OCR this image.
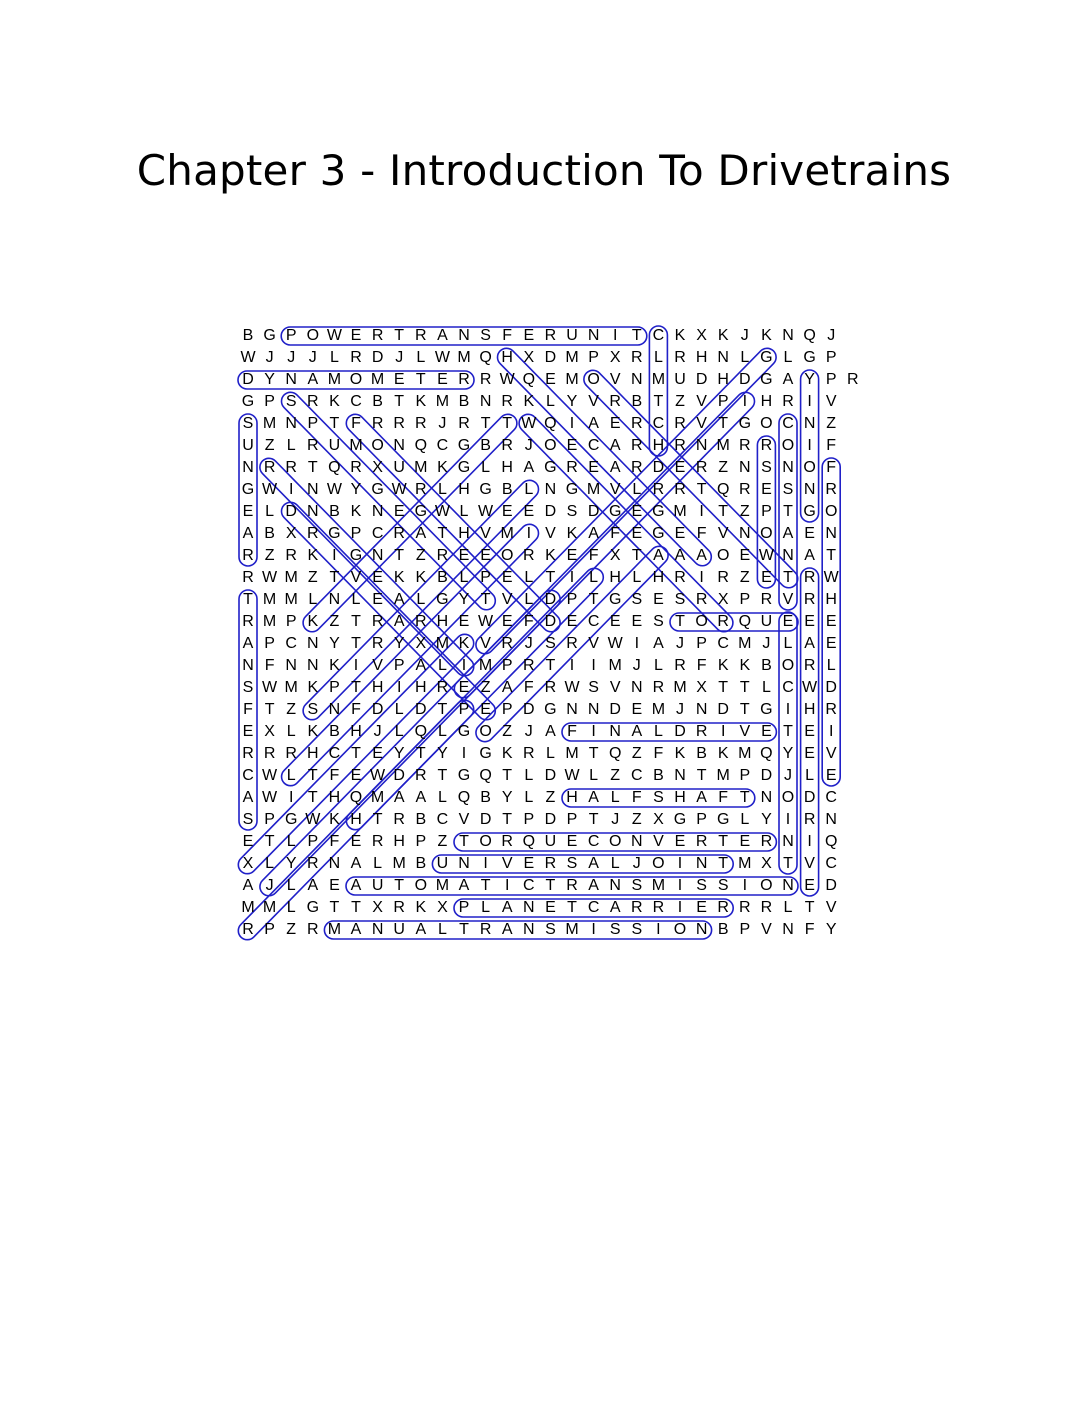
Chapter 3 - Introduction To Drivetrains
B G P O W E R T R A N S F E R U N I T C K X K J K N Q J
W J J J L R D J L W M Q H X D M P X R L R H N L G L G P
D Y N A M O M E T E R R W Q E M O V N M U D H D G A Y P R
G P S R K C B T K M B N R K L Y V R B T Z V P I H R I V
S M N P T F R R R J R T T W Q I A E R C R V T G O C N Z
U Z L R U M O N Q C G B R J O E C A R H R N M R R O I F
N R R T Q R X U M K G L H A G R E A R D E R Z N S N O F
G W I N W Y G W R L H G B L N G M V L R R T Q R E S N R
E L D N B K N E G W L W E E D S D G E G M I T Z P T G O
A B X R G P C R A T H V M I V K A F E G E F V N O A E N
R Z R K I G N T Z R E E O R K E F X T A A A O E W N A T
R W M Z T V E K K B L P E L T I L H L H R I R Z E T R W
T M M L N L E A L G Y T V L D P T G S E S R X P R V R H
R M P K Z T R A R H E W E F D E C E E S T O R Q U E E E
A P C N Y T R Y X M K V R J S R V W I A J P C M J L A E
N F N N K I V P A L I M P R T I I M J L R F K K B O R L
S W M K P T H I H R E Z A F R W S V N R M X T T L C W D
F T Z S N F D L D T P E P D G N N D E M J N D T G I H R
E X L K B H J L Q L G O Z J A F I N A L D R I V E T E I
R R R H C T E Y T Y I G K R L M T Q Z F K B K M Q Y E V
C W L T F E W D R T G Q T L D W L Z C B N T M P D J L E
A W I T H Q M A A L Q B Y L Z H A L F S H A F T N O D C
S P G W K H T R B C V D T P D P T J Z X G P G L Y I R N
E T L P F E R H P Z T O R Q U E C O N V E R T E R N I Q
X L Y R N A L M B U N I V E R S A L J O I N T M X T V C
A J L A E A U T O M A T I C T R A N S M I S S I O N E D
M M L G T T X R K X P L A N E T C A R R I E R R R L T V
R P Z R M A N U A L T R A N S M I S S I O N B P V N F Y
